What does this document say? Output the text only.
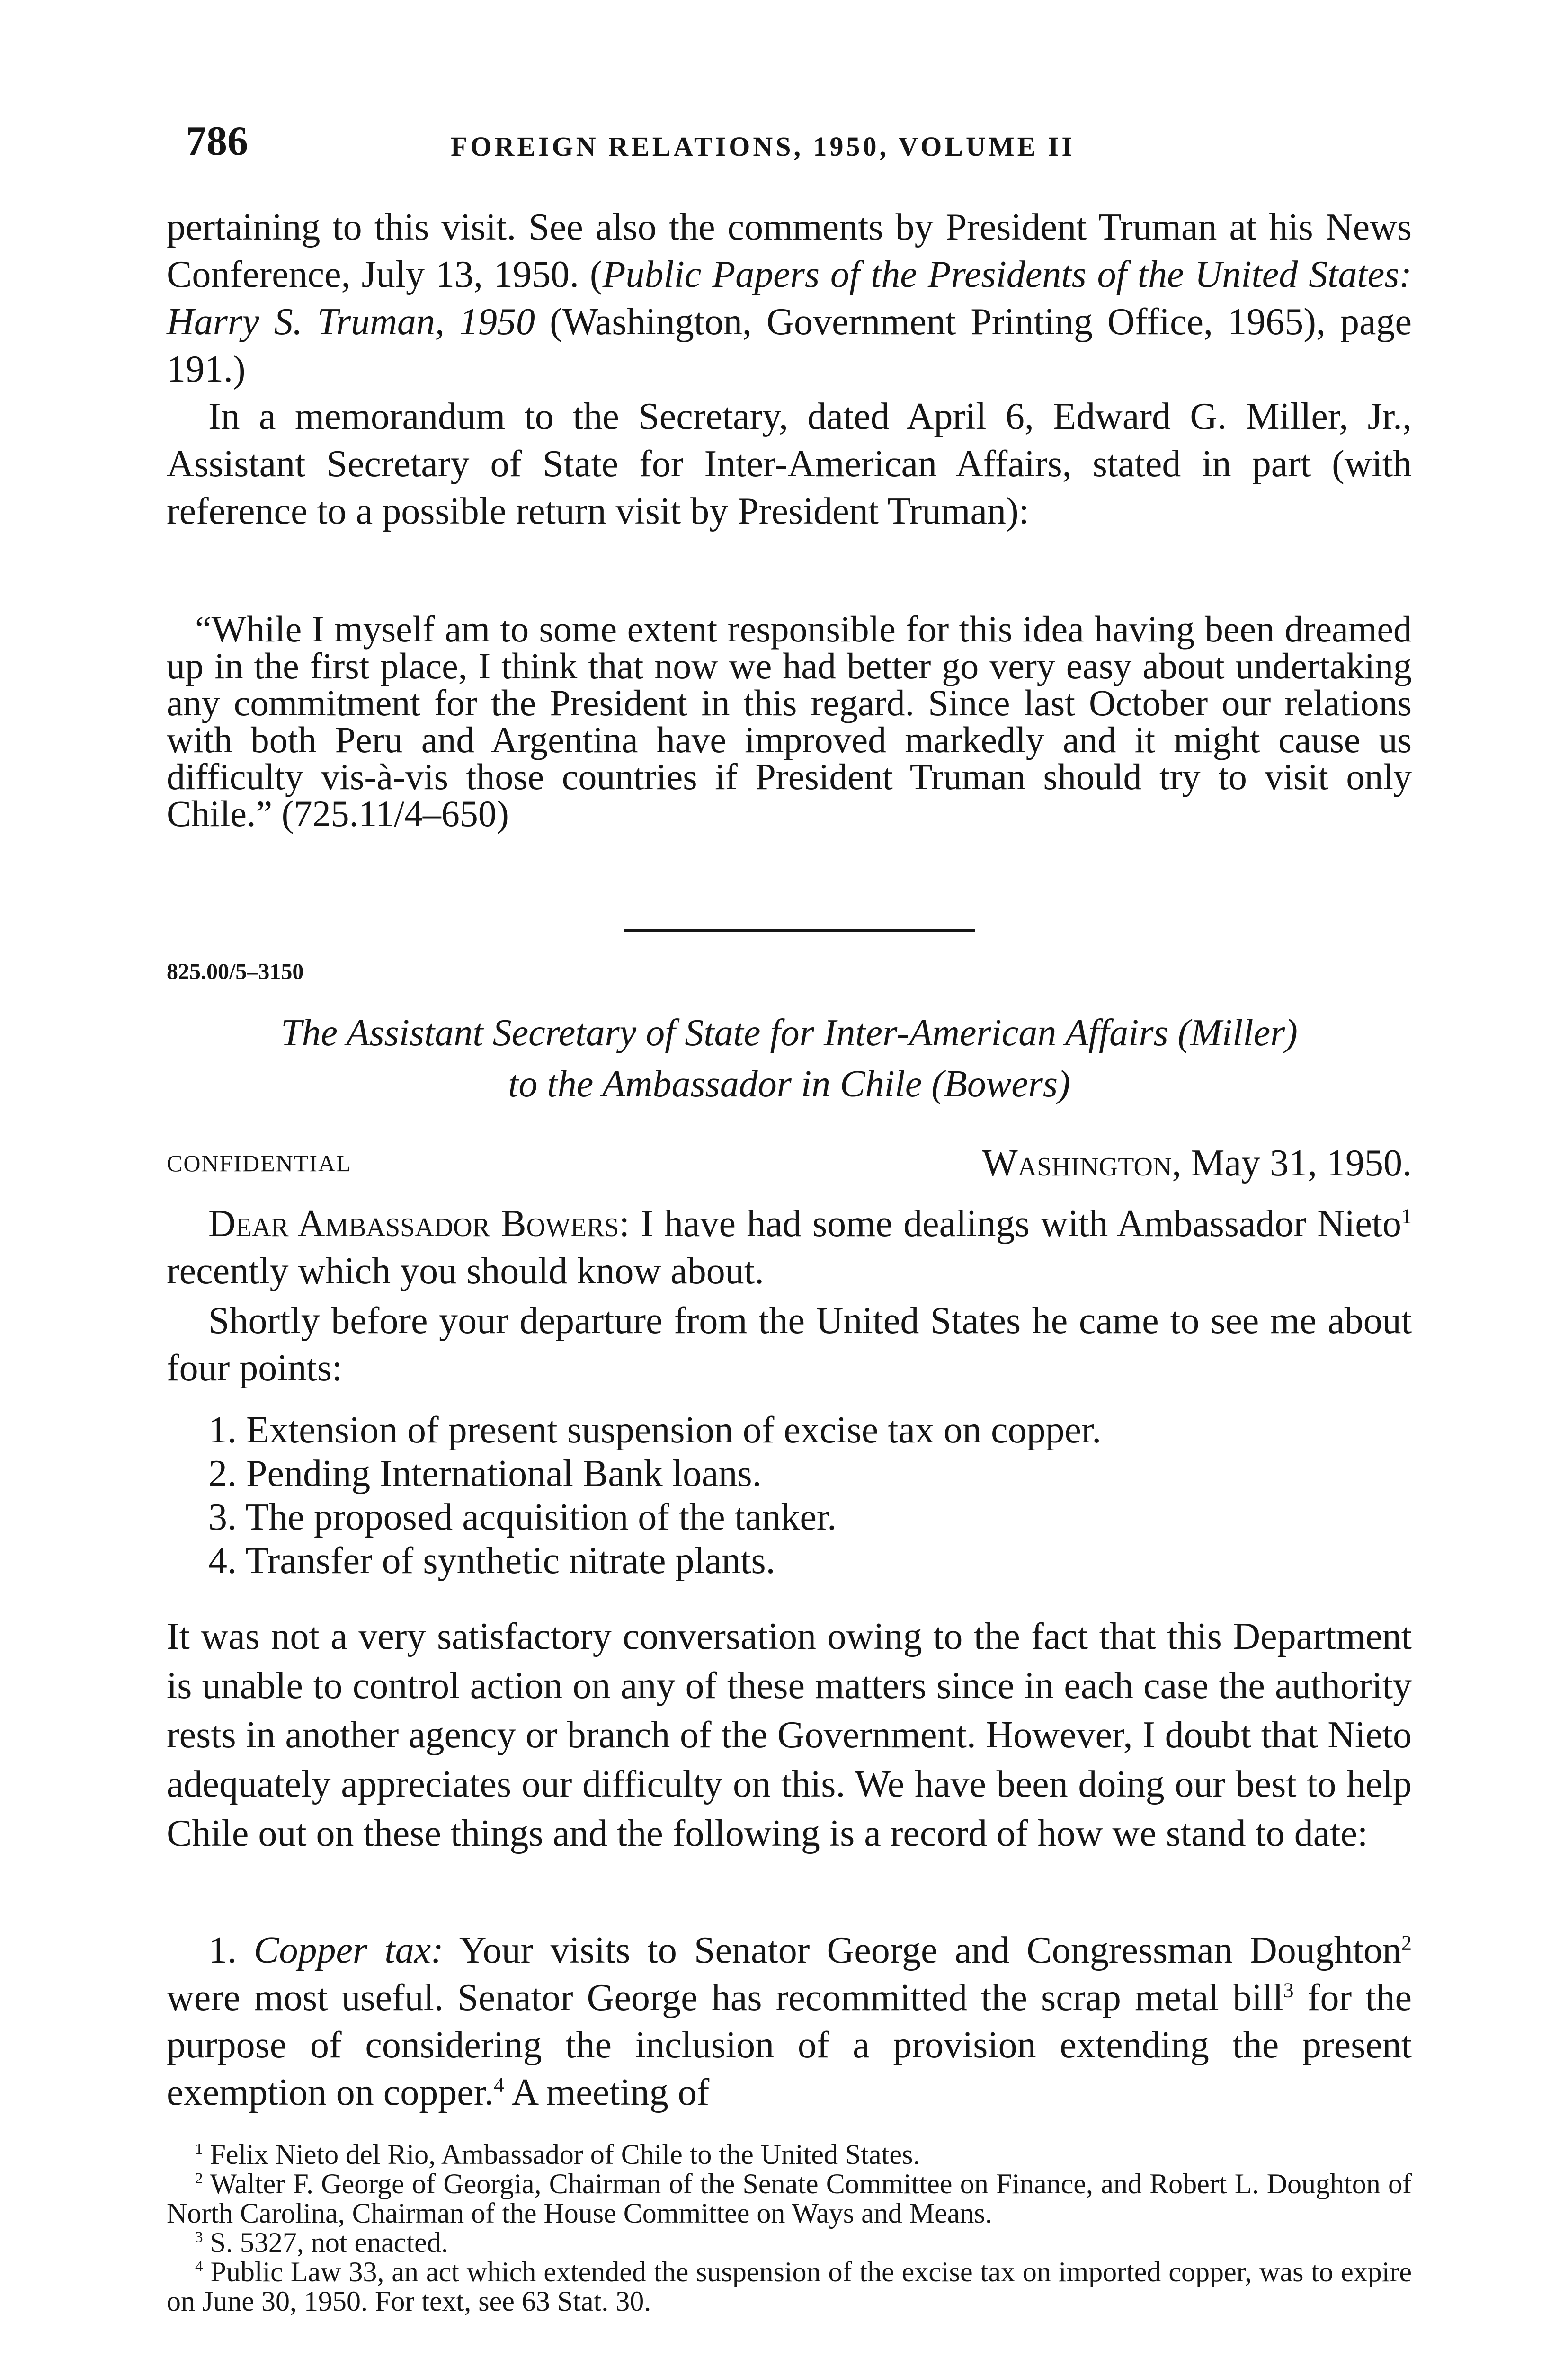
786	FOREIGN RELATIONS, 1950, VOLUME II

pertaining to this visit. See also the comments by President Truman at his News Conference, July 13, 1950. (Public Papers of the Presidents of the United States: Harry S. Truman, 1950 (Washington, Government Printing Office, 1965), page 191.)

In a memorandum to the Secretary, dated April 6, Edward G. Miller, Jr., Assistant Secretary of State for Inter-American Affairs, stated in part (with reference to a possible return visit by President Truman):

“While I myself am to some extent responsible for this idea having been dreamed up in the first place, I think that now we had better go very easy about undertaking any commitment for the President in this regard. Since last October our relations with both Peru and Argentina have improved markedly and it might cause us difficulty vis-à-vis those countries if President Truman should try to visit only Chile.” (725.11/4–650)

825.00/5–3150
The Assistant Secretary of State for Inter-American Affairs (Miller)
to the Ambassador in Chile (Bowers)
CONFIDENTIAL	Washington, May 31, 1950.

Dear Ambassador Bowers: I have had some dealings with Ambassador Nieto$^1$ recently which you should know about.

Shortly before your departure from the United States he came to see me about four points:

1. Extension of present suspension of excise tax on copper.
2. Pending International Bank loans.
3. The proposed acquisition of the tanker.
4. Transfer of synthetic nitrate plants.

It was not a very satisfactory conversation owing to the fact that this Department is unable to control action on any of these matters since in each case the authority rests in another agency or branch of the Government. However, I doubt that Nieto adequately appreciates our difficulty on this. We have been doing our best to help Chile out on these things and the following is a record of how we stand to date:

1. Copper tax: Your visits to Senator George and Congressman Doughton$^2$ were most useful. Senator George has recommitted the scrap metal bill$^3$ for the purpose of considering the inclusion of a provision extending the present exemption on copper.$^4$ A meeting of

$^1$ Felix Nieto del Rio, Ambassador of Chile to the United States.

$^2$ Walter F. George of Georgia, Chairman of the Senate Committee on Finance, and Robert L. Doughton of North Carolina, Chairman of the House Committee on Ways and Means.

$^3$ S. 5327, not enacted.

$^4$ Public Law 33, an act which extended the suspension of the excise tax on imported copper, was to expire on June 30, 1950. For text, see 63 Stat. 30.
